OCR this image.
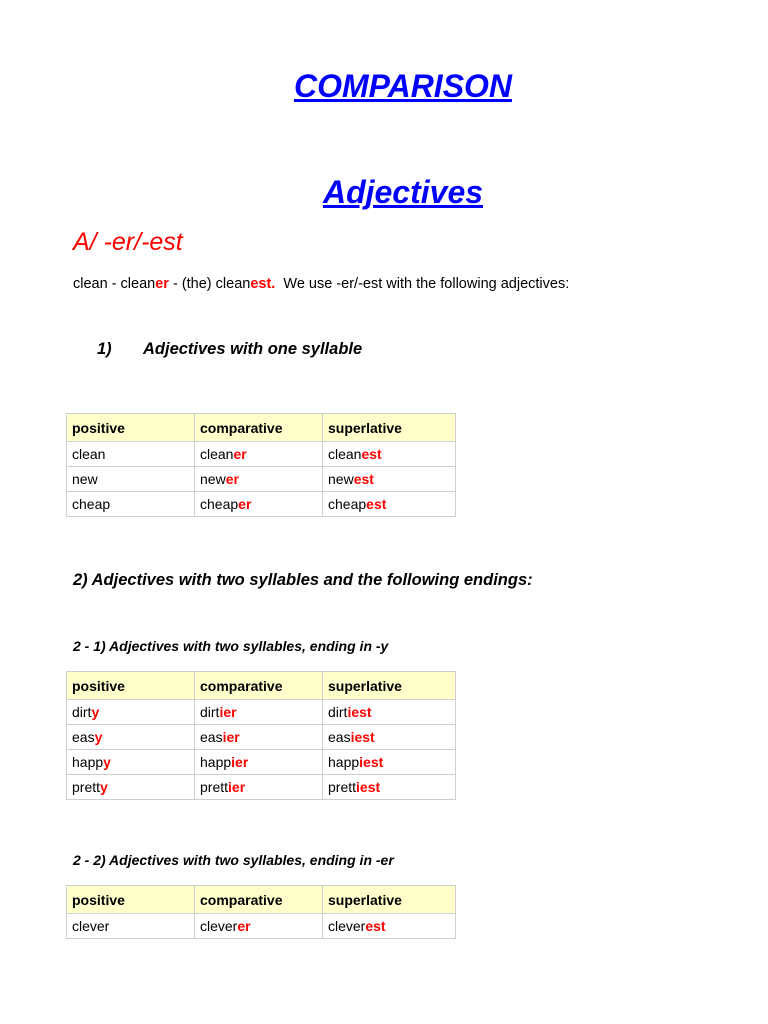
COMPARISON
Adjectives
A/ -er/-est
clean - cleaner - (the) cleanest.  We use -er/-est with the following adjectives:
1) Adjectives with one syllable
positive	comparative	superlative
clean	cleaner	cleanest
new	newer	newest
cheap	cheaper	cheapest
2) Adjectives with two syllables and the following endings:
2 - 1) Adjectives with two syllables, ending in -y
positive	comparative	superlative
dirty	dirtier	dirtiest
easy	easier	easiest
happy	happier	happiest
pretty	prettier	prettiest
2 - 2) Adjectives with two syllables, ending in -er
positive	comparative	superlative
clever	cleverer	cleverest
